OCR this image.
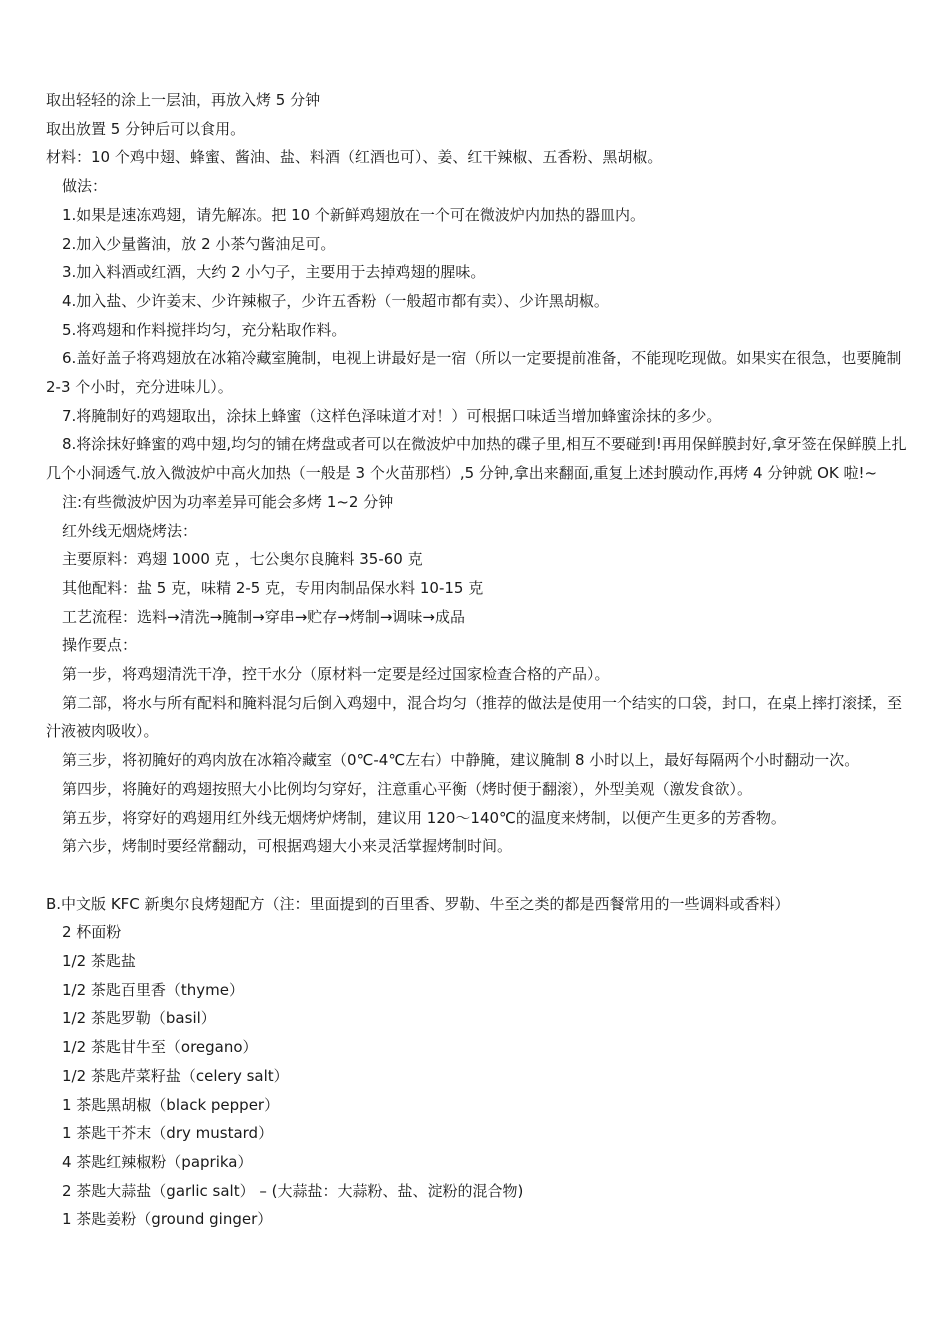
取出轻轻的涂上一层油，再放入烤 5 分钟

取出放置 5 分钟后可以食用。

材料：10 个鸡中翅、蜂蜜、酱油、盐、料酒（红酒也可）、姜、红干辣椒、五香粉、黑胡椒。

做法：

1.如果是速冻鸡翅，请先解冻。把 10 个新鲜鸡翅放在一个可在微波炉内加热的器皿内。

2.加入少量酱油，放 2 小茶勺酱油足可。

3.加入料酒或红酒，大约 2 小勺子，主要用于去掉鸡翅的腥味。

4.加入盐、少许姜末、少许辣椒子，少许五香粉（一般超市都有卖）、少许黑胡椒。

5.将鸡翅和作料搅拌均匀，充分粘取作料。

6.盖好盖子将鸡翅放在冰箱冷藏室腌制，电视上讲最好是一宿（所以一定要提前准备，不能现吃现做。如果实在很急，也要腌制 2-3 个小时，充分进味儿）。

7.将腌制好的鸡翅取出，涂抹上蜂蜜（这样色泽味道才对！）可根据口味适当增加蜂蜜涂抹的多少。

8.将涂抹好蜂蜜的鸡中翅,均匀的铺在烤盘或者可以在微波炉中加热的碟子里,相互不要碰到!再用保鲜膜封好,拿牙签在保鲜膜上扎几个小洞透气.放入微波炉中高火加热（一般是 3 个火苗那档）,5 分钟,拿出来翻面,重复上述封膜动作,再烤 4 分钟就 OK 啦!~

注:有些微波炉因为功率差异可能会多烤 1~2 分钟

红外线无烟烧烤法：

主要原料：鸡翅 1000 克 ，七公奥尔良腌料 35-60 克

其他配料：盐 5 克，味精 2-5 克，专用肉制品保水料 10-15 克

工艺流程：选料→清洗→腌制→穿串→贮存→烤制→调味→成品

操作要点：

第一步，将鸡翅清洗干净，控干水分（原材料一定要是经过国家检查合格的产品）。

第二部，将水与所有配料和腌料混匀后倒入鸡翅中，混合均匀（推荐的做法是使用一个结实的口袋，封口，在桌上摔打滚揉，至汁液被肉吸收）。

第三步，将初腌好的鸡肉放在冰箱冷藏室（0℃-4℃左右）中静腌，建议腌制 8 小时以上，最好每隔两个小时翻动一次。

第四步，将腌好的鸡翅按照大小比例均匀穿好，注意重心平衡（烤时便于翻滚），外型美观（激发食欲）。

第五步，将穿好的鸡翅用红外线无烟烤炉烤制，建议用 120～140℃的温度来烤制，以便产生更多的芳香物。

第六步，烤制时要经常翻动，可根据鸡翅大小来灵活掌握烤制时间。

B.中文版 KFC 新奥尔良烤翅配方（注：里面提到的百里香、罗勒、牛至之类的都是西餐常用的一些调料或香料）

2 杯面粉

1/2 茶匙盐

1/2 茶匙百里香（thyme）

1/2 茶匙罗勒（basil）

1/2 茶匙甘牛至（oregano）

1/2 茶匙芹菜籽盐（celery salt）

1 茶匙黑胡椒（black pepper）

1 茶匙干芥末（dry mustard）

4 茶匙红辣椒粉（paprika）

2 茶匙大蒜盐（garlic salt） – (大蒜盐：大蒜粉、盐、淀粉的混合物)

1 茶匙姜粉（ground ginger）
